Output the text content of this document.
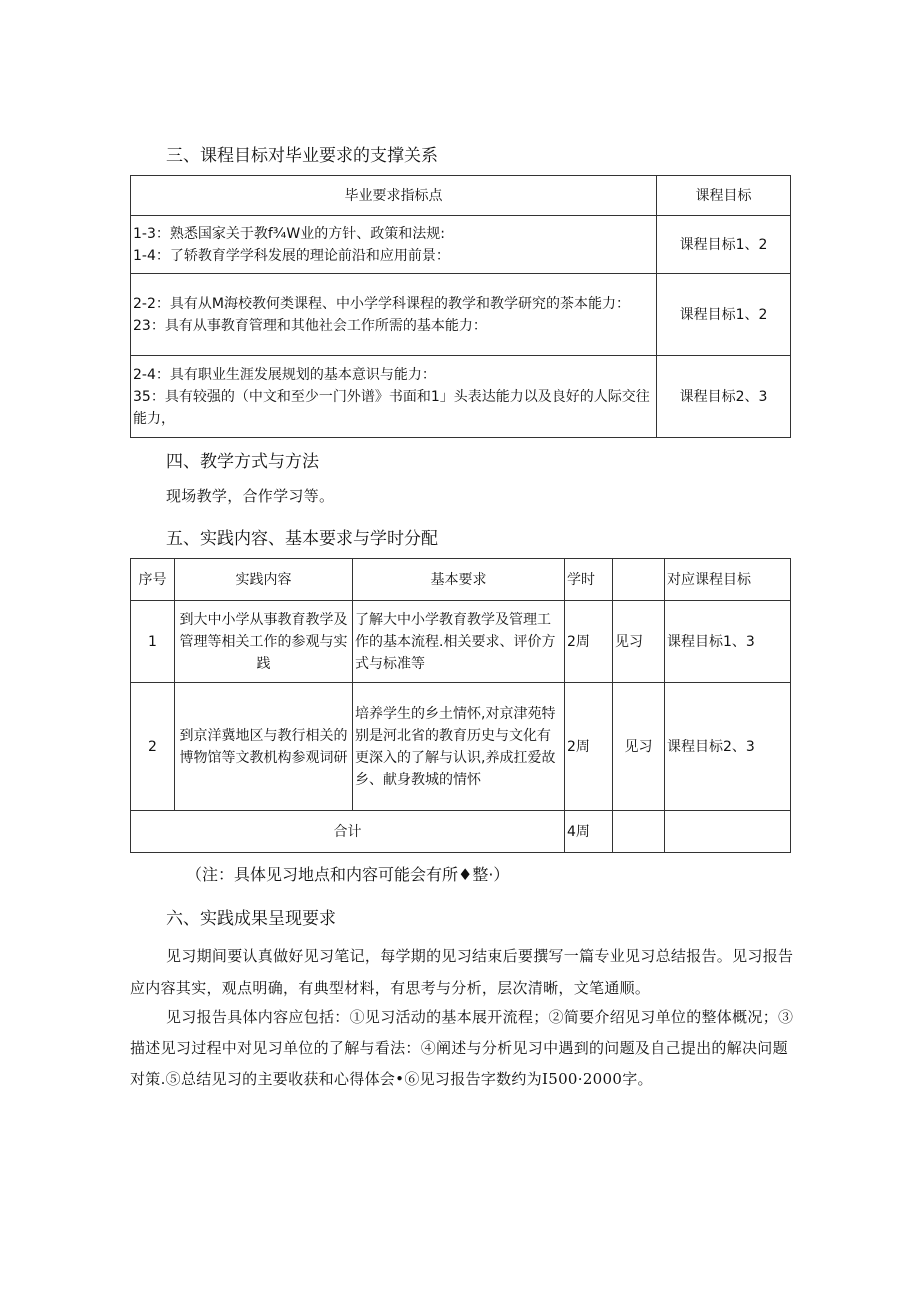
三、课程目标对毕业要求的支撑关系
毕业要求指标点	课程目标

1-3：熟悉国家关于教f¾W业的方针、政策和法规:
1-4：了轿教育学学科发展的理论前沿和应用前景：	课程目标1、2

2-2：具有从M海校教何类课程、中小学学科课程的教学和教学研究的茶本能力：
23：具有从事教育管理和其他社会工作所需的基本能力：	课程目标1、2

2-4：具有职业生涯发展规划的基本意识与能力：
35：具有较强的（中文和至少一门外谱》书面和1」头表达能力以及良好的人际交往能力，	课程目标2、3
四、教学方式与方法

现场教学，合作学习等。

五、实践内容、基本要求与学时分配
序号	实践内容	基本要求	学时		对应课程目标
1	到大中小学从事教育教学及管理等相关工作的参观与实践	了解大中小学教育教学及管理工作的基本流程.相关要求、评价方式与标准等	2周	见习	课程目标1、3
2	到京洋冀地区与教行相关的博物馆等文教机构参观词研	培养学生的乡土情怀,对京津苑特别是河北省的教育历史与文化有更深入的了解与认识,养成扛爱故乡、献身教城的情怀	2周	见习	课程目标2、3
合计			4周		
（注：具体见习地点和内容可能会有所♦整·）
六、实践成果呈现要求

见习期间要认真做好见习笔记，每学期的见习结束后要撰写一篇专业见习总结报告。见习报告应内容其实，观点明确，有典型材料，有思考与分析，层次清晰，文笔通顺。

见习报告具体内容应包括：①见习活动的基本展开流程；②简要介绍见习单位的整体概况；③描述见习过程中对见习单位的了解与看法：④阐述与分析见习中遇到的问题及自己提出的解决问题对策.⑤总结见习的主要收获和心得体会•⑥见习报告字数约为I500·2000字。
